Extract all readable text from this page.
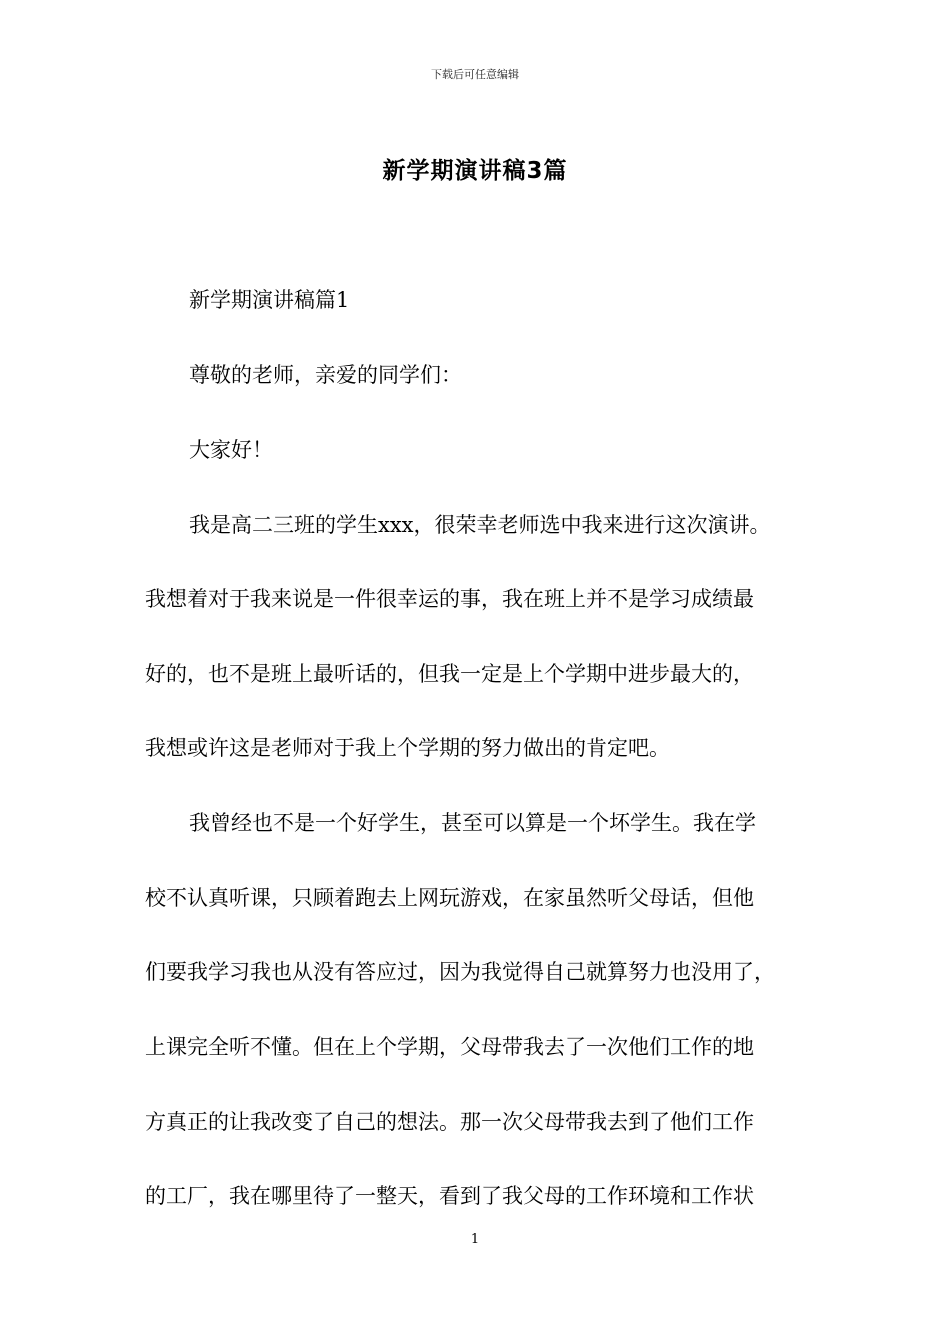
下载后可任意编辑
新学期演讲稿3篇
新学期演讲稿篇1
尊敬的老师，亲爱的同学们：
大家好！
我是高二三班的学生xxx，很荣幸老师选中我来进行这次演讲。
我想着对于我来说是一件很幸运的事，我在班上并不是学习成绩最
好的，也不是班上最听话的，但我一定是上个学期中进步最大的，
我想或许这是老师对于我上个学期的努力做出的肯定吧。
我曾经也不是一个好学生，甚至可以算是一个坏学生。我在学
校不认真听课，只顾着跑去上网玩游戏，在家虽然听父母话，但他
们要我学习我也从没有答应过，因为我觉得自己就算努力也没用了，
上课完全听不懂。但在上个学期，父母带我去了一次他们工作的地
方真正的让我改变了自己的想法。那一次父母带我去到了他们工作
的工厂，我在哪里待了一整天，看到了我父母的工作环境和工作状
1
